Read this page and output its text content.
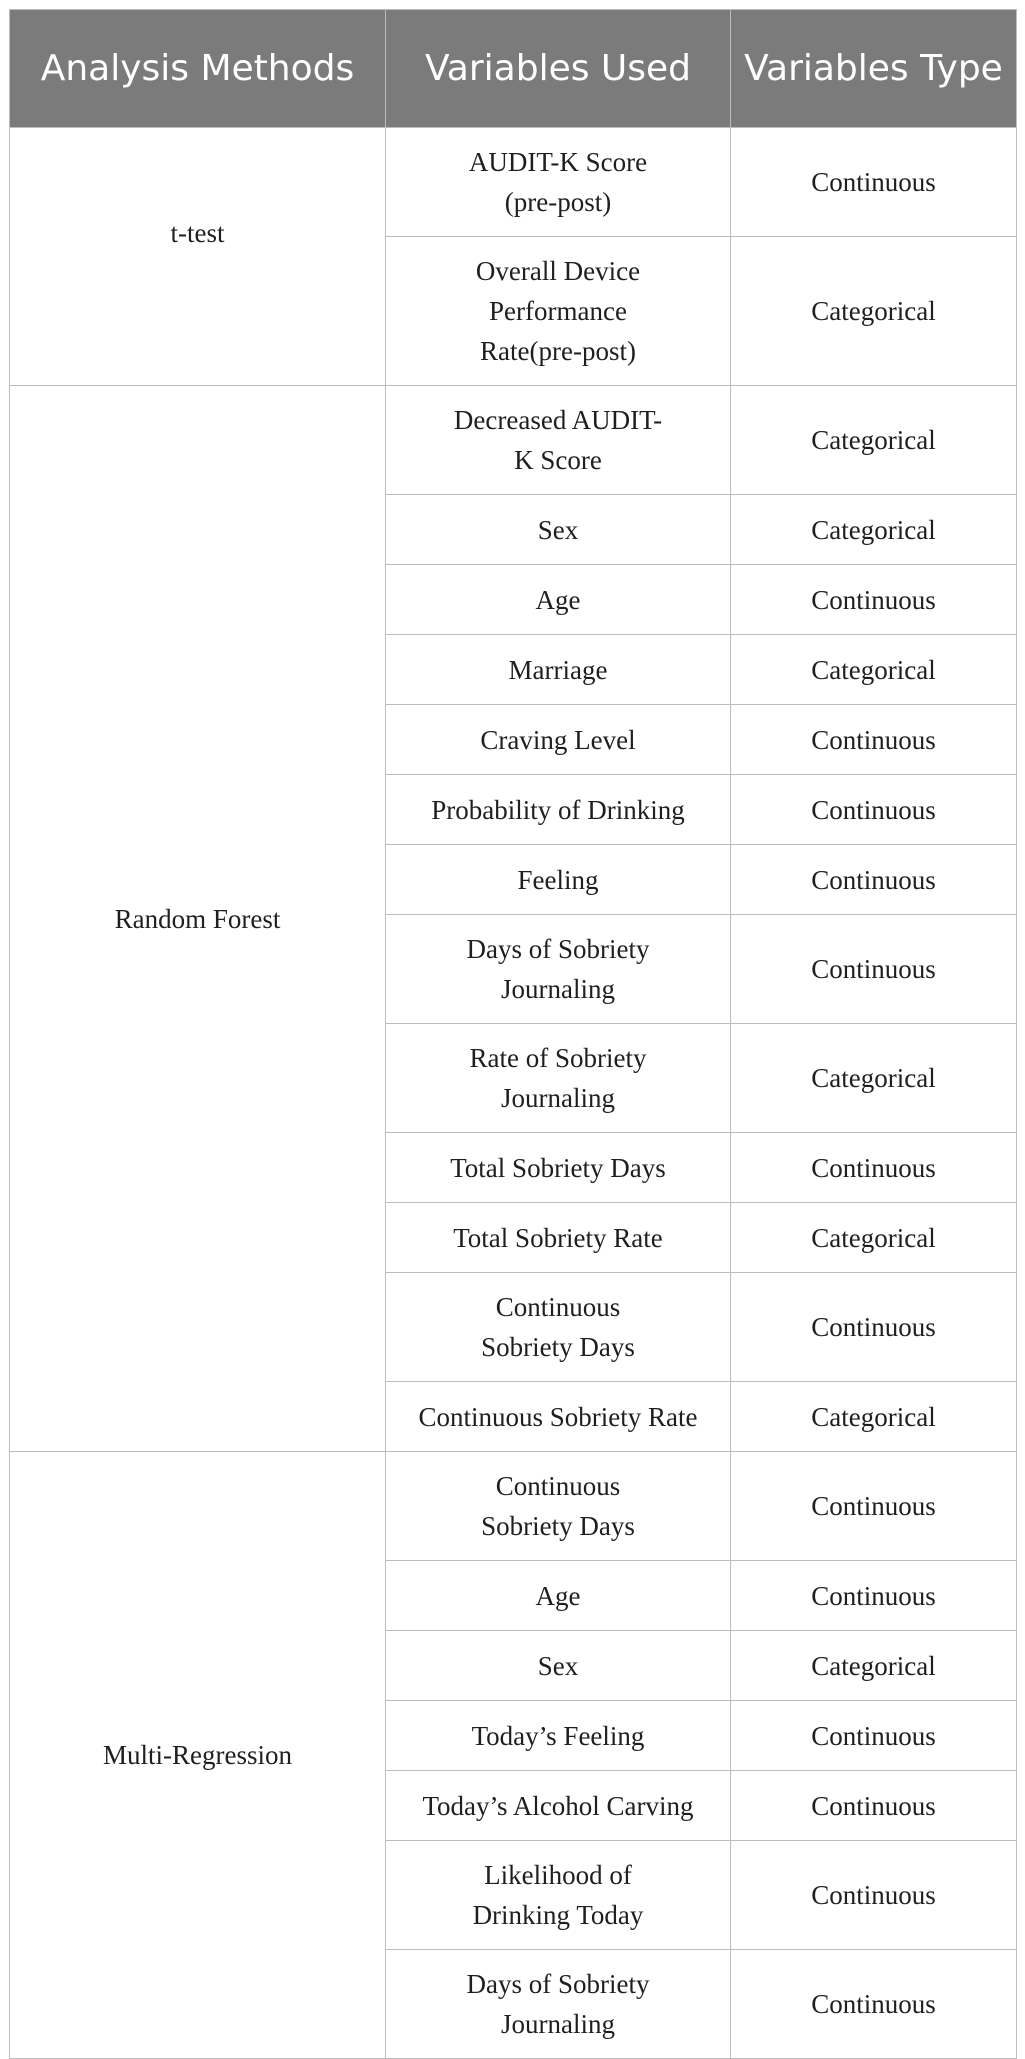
Analysis Methods	Variables Used	Variables Type
t-test	AUDIT-K Score (pre-post)	Continuous
	Overall Device Performance Rate(pre-post)	Categorical
Random Forest	Decreased AUDIT-K Score	Categorical
	Sex	Categorical
	Age	Continuous
	Marriage	Categorical
	Craving Level	Continuous
	Probability of Drinking	Continuous
	Feeling	Continuous
	Days of Sobriety Journaling	Continuous
	Rate of Sobriety Journaling	Categorical
	Total Sobriety Days	Continuous
	Total Sobriety Rate	Categorical
	Continuous Sobriety Days	Continuous
	Continuous Sobriety Rate	Categorical
Multi-Regression	Continuous Sobriety Days	Continuous
	Age	Continuous
	Sex	Categorical
	Today’s Feeling	Continuous
	Today’s Alcohol Carving	Continuous
	Likelihood of Drinking Today	Continuous
	Days of Sobriety Journaling	Continuous
